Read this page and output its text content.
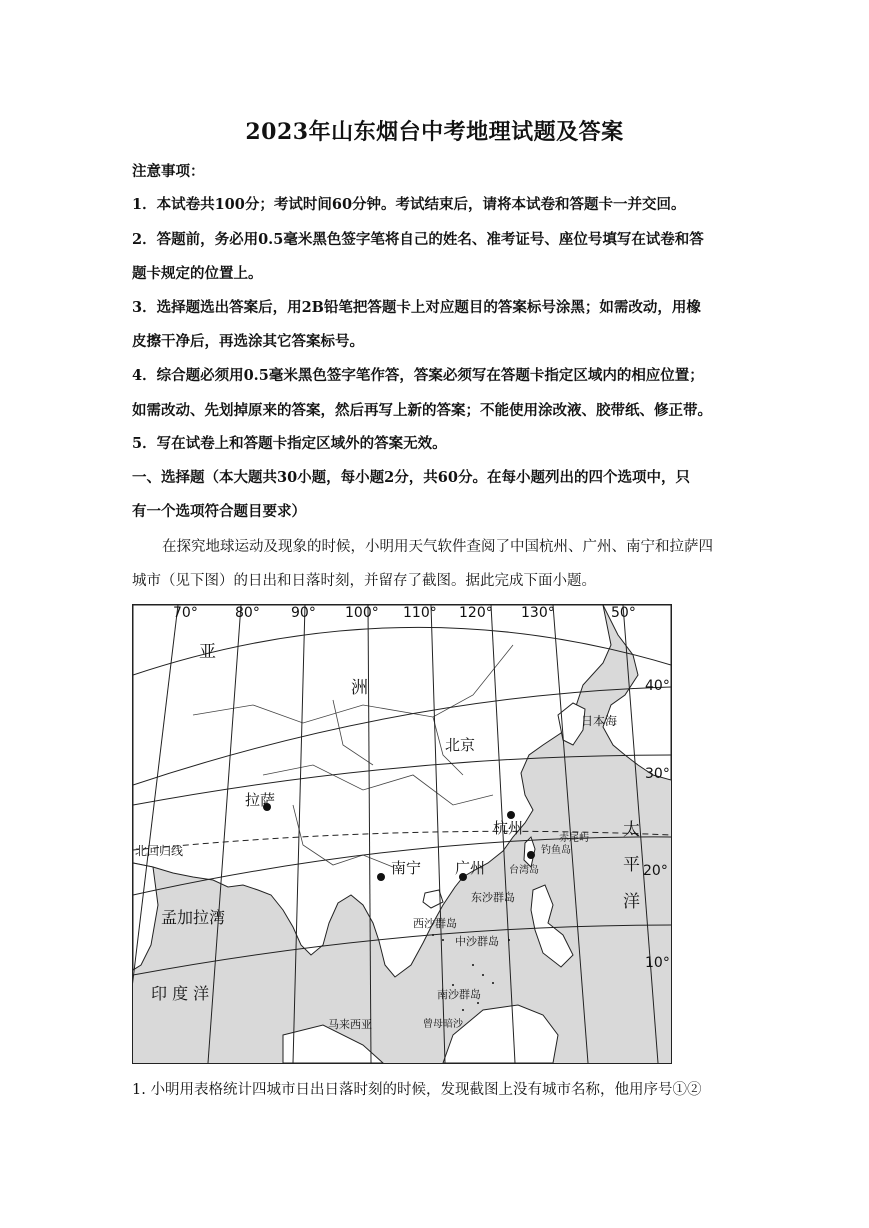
2023年山东烟台中考地理试题及答案
注意事项：
1．本试卷共100分；考试时间60分钟。考试结束后，请将本试卷和答题卡一并交回。
2．答题前，务必用0.5毫米黑色签字笔将自己的姓名、准考证号、座位号填写在试卷和答
题卡规定的位置上。
3．选择题选出答案后，用2B铅笔把答题卡上对应题目的答案标号涂黑；如需改动，用橡
皮擦干净后，再选涂其它答案标号。
4．综合题必须用0.5毫米黑色签字笔作答，答案必须写在答题卡指定区域内的相应位置；
如需改动、先划掉原来的答案，然后再写上新的答案；不能使用涂改液、胶带纸、修正带。
5．写在试卷上和答题卡指定区域外的答案无效。
一、选择题（本大题共30小题，每小题2分，共60分。在每小题列出的四个选项中，只
有一个选项符合题目要求）
在探究地球运动及现象的时候，小明用天气软件查阅了中国杭州、广州、南宁和拉萨四
城市（见下图）的日出和日落时刻，并留存了截图。据此完成下面小题。
70°	80° 90° 100° 110° 120° 130°	50°
40°
30°
20°
10°
北回归线
亚
洲
日本海
太
平
洋
孟加拉湾
印 度 洋
马来西亚
北京
拉萨
杭州
南宁 广州 台湾岛
赤尾屿
钓鱼岛
东沙群岛
西沙群岛
中沙群岛
南沙群岛
曾母暗沙
1. 小明用表格统计四城市日出日落时刻的时候，发现截图上没有城市名称，他用序号①②
